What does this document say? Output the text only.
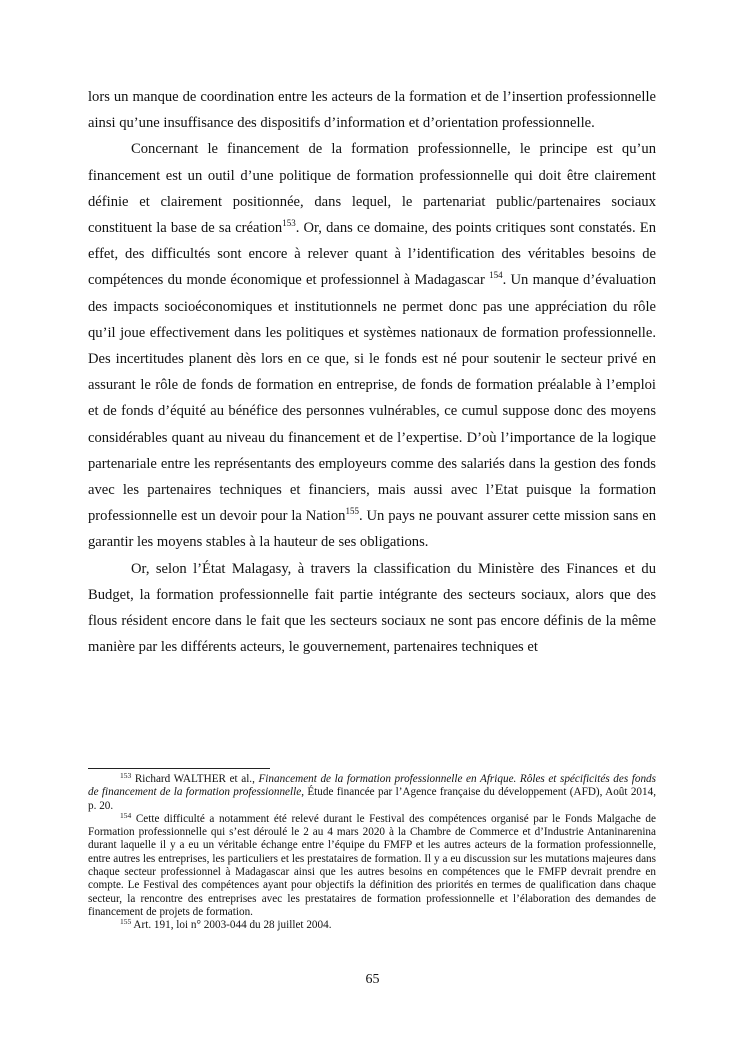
lors un manque de coordination entre les acteurs de la formation et de l’insertion professionnelle ainsi qu’une insuffisance des dispositifs d’information et d’orientation professionnelle.

Concernant le financement de la formation professionnelle, le principe est qu’un financement est un outil d’une politique de formation professionnelle qui doit être clairement définie et clairement positionnée, dans lequel, le partenariat public/partenaires sociaux constituent la base de sa création$^{153}$. Or, dans ce domaine, des points critiques sont constatés. En effet, des difficultés sont encore à relever quant à l’identification des véritables besoins de compétences du monde économique et professionnel à Madagascar $^{154}$. Un manque d’évaluation des impacts socioéconomiques et institutionnels ne permet donc pas une appréciation du rôle qu’il joue effectivement dans les politiques et systèmes nationaux de formation professionnelle. Des incertitudes planent dès lors en ce que, si le fonds est né pour soutenir le secteur privé en assurant le rôle de fonds de formation en entreprise, de fonds de formation préalable à l’emploi et de fonds d’équité au bénéfice des personnes vulnérables, ce cumul suppose donc des moyens considérables quant au niveau du financement et de l’expertise. D’où l’importance de la logique partenariale entre les représentants des employeurs comme des salariés dans la gestion des fonds avec les partenaires techniques et financiers, mais aussi avec l’Etat puisque la formation professionnelle est un devoir pour la Nation$^{155}$. Un pays ne pouvant assurer cette mission sans en garantir les moyens stables à la hauteur de ses obligations.

Or, selon l’État Malagasy, à travers la classification du Ministère des Finances et du Budget, la formation professionnelle fait partie intégrante des secteurs sociaux, alors que des flous résident encore dans le fait que les secteurs sociaux ne sont pas encore définis de la même manière par les différents acteurs, le gouvernement, partenaires techniques et

$^{153}$ Richard WALTHER et al., Financement de la formation professionnelle en Afrique. Rôles et spécificités des fonds de financement de la formation professionnelle, Étude financée par l’Agence française du développement (AFD), Août 2014, p. 20.

$^{154}$ Cette difficulté a notamment été relevé durant le Festival des compétences organisé par le Fonds Malgache de Formation professionnelle qui s’est déroulé le 2 au 4 mars 2020 à la Chambre de Commerce et d’Industrie Antaninarenina durant laquelle il y a eu un véritable échange entre l’équipe du FMFP et les autres acteurs de la formation professionnelle, entre autres les entreprises, les particuliers et les prestataires de formation. Il y a eu discussion sur les mutations majeures dans chaque secteur professionnel à Madagascar ainsi que les autres besoins en compétences que le FMFP devrait prendre en compte. Le Festival des compétences ayant pour objectifs la définition des priorités en termes de qualification dans chaque secteur, la rencontre des entreprises avec les prestataires de formation professionnelle et l’élaboration des demandes de financement de projets de formation.

$^{155}$ Art. 191, loi n° 2003-044 du 28 juillet 2004.

65
